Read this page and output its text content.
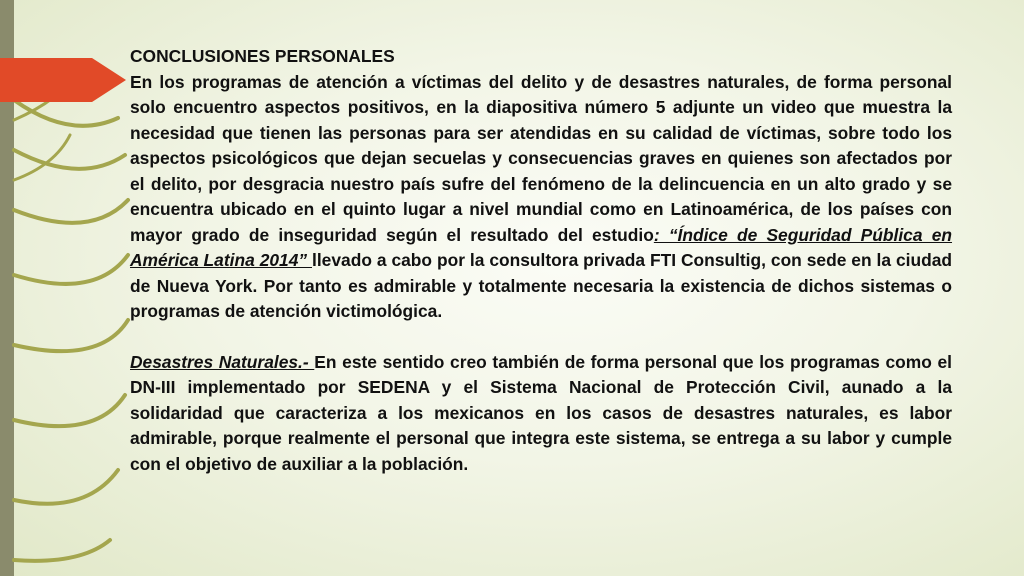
CONCLUSIONES PERSONALES

En los programas de atención a víctimas del delito y de desastres naturales, de forma personal solo encuentro aspectos positivos, en la diapositiva número 5 adjunte un video que muestra la necesidad que tienen las personas para ser atendidas en su calidad de víctimas, sobre todo los aspectos psicológicos que dejan secuelas y consecuencias graves en quienes son afectados por el delito, por desgracia nuestro país sufre del fenómeno de la delincuencia en un alto grado y se encuentra ubicado en el quinto lugar a nivel mundial como en Latinoamérica, de los países con mayor grado de inseguridad según el resultado del estudio: “Índice de Seguridad Pública en América Latina 2014” llevado a cabo por la consultora privada FTI Consultig, con sede en la ciudad de Nueva York. Por tanto es admirable y totalmente necesaria la existencia de dichos sistemas o programas de atención victimológica.

Desastres Naturales.- En este sentido creo también de forma personal que los programas como el DN-III implementado por SEDENA y el Sistema Nacional de Protección Civil, aunado a la solidaridad que caracteriza a los mexicanos en los casos de desastres naturales, es labor admirable, porque realmente el personal que integra este sistema, se entrega a su labor y cumple con el objetivo de auxiliar a la población.
